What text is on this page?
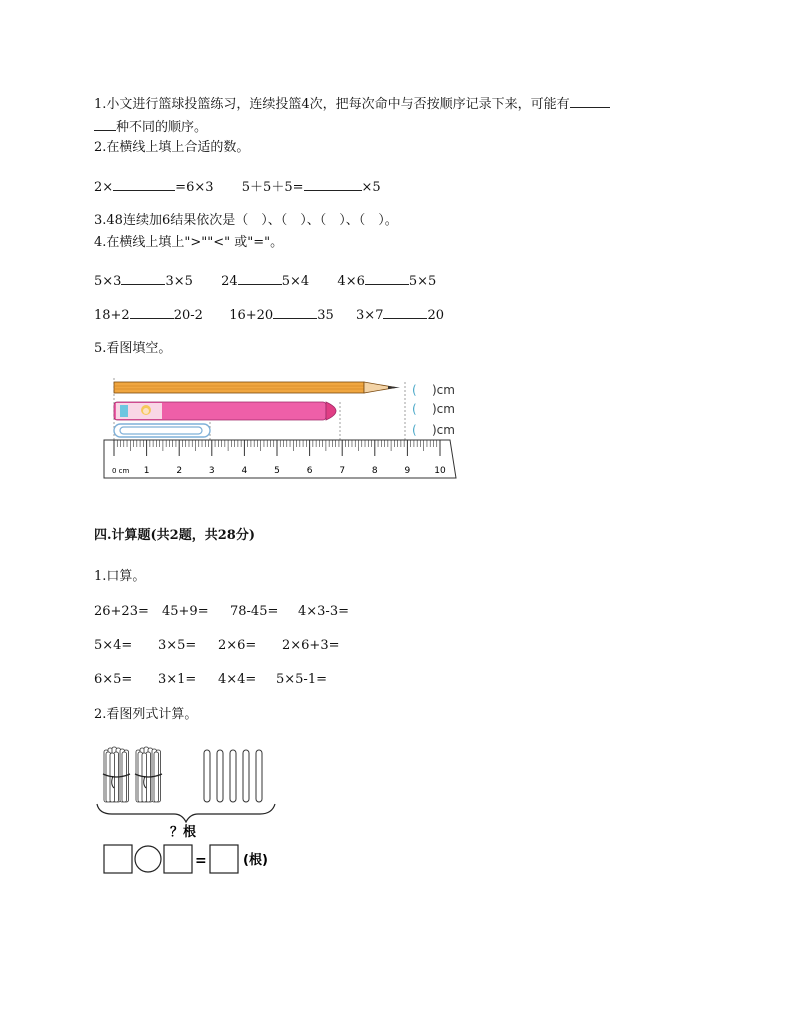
1.小文进行篮球投篮练习，连续投篮4次，把每次命中与否按顺序记录下来，可能有
种不同的顺序。
2.在横线上填上合适的数。
2×	=6×3 5＋5＋5=	×5
3.48连续加6结果依次是（　）、（　）、（　）、（　）。
4.在横线上填上">""<" 或"="。
5×3	3×5 24	5×4 4×6	5×5
18+2	20-2 16+20	35 3×7	20
5.看图填空。
( )cm
( )cm
( )cm
0 cm 1	2	3	4	5	6	7	8	9	10
四.计算题(共2题，共28分)
1.口算。
26+23= 45+9= 78-45= 4×3-3=
5×4= 3×5= 2×6= 2×6+3=
6×5= 3×1= 4×4= 5×5-1=
2.看图列式计算。
？根
=	(根)
